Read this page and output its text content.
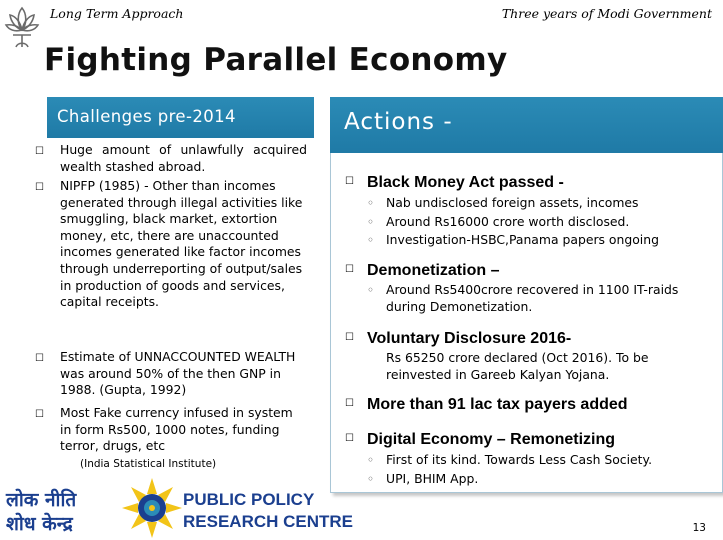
Long Term Approach	Three years of Modi Government
Fighting Parallel Economy
Challenges pre-2014
☐ Huge amount of unlawfully acquired wealth stashed abroad.
☐ NIPFP (1985) - Other than incomes generated through illegal activities like smuggling, black market, extortion money, etc, there are unaccounted incomes generated like factor incomes through underreporting of output/sales in production of goods and services, capital receipts.
☐ Estimate of UNNACCOUNTED WEALTH was around 50% of the then GNP in 1988. (Gupta, 1992)
☐ Most Fake currency infused in system in form Rs500, 1000 notes, funding terror, drugs, etc
(India Statistical Institute)
Actions -
☐ Black Money Act passed -
◦ Nab undisclosed foreign assets, incomes
◦ Around Rs16000 crore worth disclosed.
◦ Investigation-HSBC,Panama papers ongoing
☐ Demonetization –
◦ Around Rs5400crore recovered in 1100 IT-raids during Demonetization.
☐ Voluntary Disclosure 2016-
Rs 65250 crore declared (Oct 2016). To be reinvested in Gareeb Kalyan Yojana.
☐ More than 91 lac tax payers added
☐ Digital Economy – Remonetizing
◦ First of its kind. Towards Less Cash Society.
◦ UPI, BHIM App.
लोक नीति
शोध केन्द्र
PUBLIC POLICY
RESEARCH CENTRE	13
